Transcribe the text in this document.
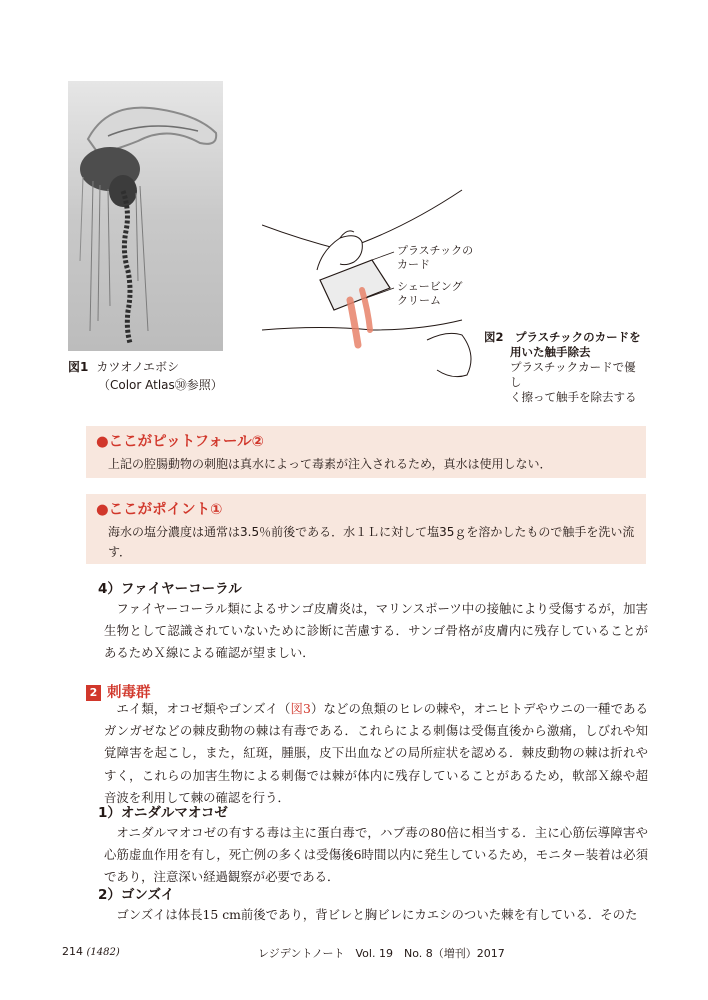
図1 カツオノエボシ
（Color Atlas㉚参照）
プラスチックの
カード
シェービング
クリーム
図2　 プラスチックのカードを
用いた触手除去
プラスチックカードで優し
く擦って触手を除去する
●ここがピットフォール②
上記の腔腸動物の刺胞は真水によって毒素が注入されるため，真水は使用しない．
●ここがポイント①
海水の塩分濃度は通常は3.5％前後である．水１Ｌに対して塩35ｇを溶かしたもので触手を洗い流す．
4）ファイヤーコーラル
ファイヤーコーラル類によるサンゴ皮膚炎は，マリンスポーツ中の接触により受傷するが，加害生物として認識されていないために診断に苦慮する．サンゴ骨格が皮膚内に残存していることがあるためＸ線による確認が望ましい．
2 刺毒群
エイ類，オコゼ類やゴンズイ（図3）などの魚類のヒレの棘や，オニヒトデやウニの一種であるガンガゼなどの棘皮動物の棘は有毒である．これらによる刺傷は受傷直後から激痛，しびれや知覚障害を起こし，また，紅斑，腫脹，皮下出血などの局所症状を認める．棘皮動物の棘は折れやすく，これらの加害生物による刺傷では棘が体内に残存していることがあるため，軟部Ｘ線や超音波を利用して棘の確認を行う．
1）オニダルマオコゼ
オニダルマオコゼの有する毒は主に蛋白毒で，ハブ毒の80倍に相当する．主に心筋伝導障害や心筋虚血作用を有し，死亡例の多くは受傷後6時間以内に発生しているため，モニター装着は必須であり，注意深い経過観察が必要である．
2）ゴンズイ
ゴンズイは体長15 cm前後であり，背ビレと胸ビレにカエシのついた棘を有している．そのた
214 (1482)	レジデントノート　Vol. 19　No. 8（増刊）2017
